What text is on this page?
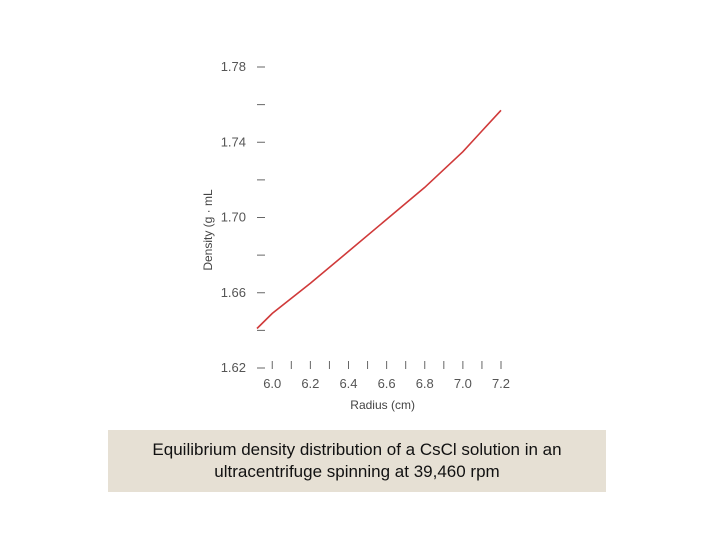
1.62
1.66
1.70
1.74
1.78
6.0 6.2 6.4 6.6 6.8 7.0 7.2
Radius (cm)
Density (g · mL
Equilibrium density distribution of a CsCl solution in an
ultracentrifuge spinning at 39,460 rpm
